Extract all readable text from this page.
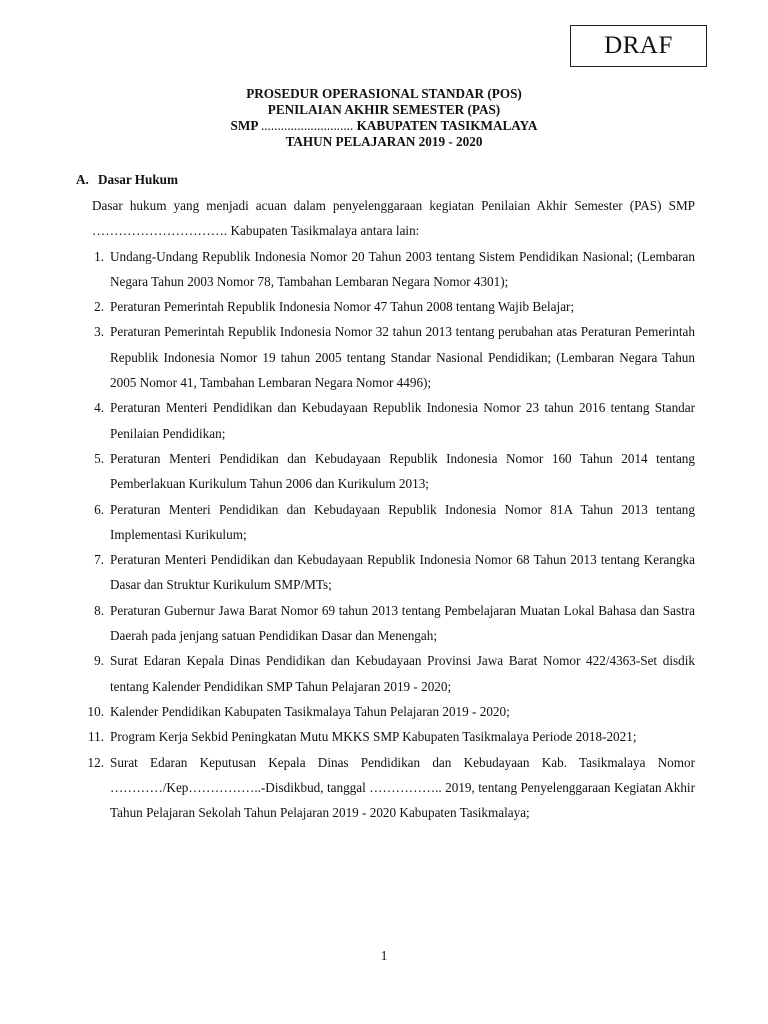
DRAF
PROSEDUR OPERASIONAL STANDAR (POS)
PENILAIAN AKHIR SEMESTER (PAS)
SMP ............................ KABUPATEN TASIKMALAYA
TAHUN PELAJARAN 2019 - 2020
A. Dasar Hukum

Dasar hukum yang menjadi acuan dalam penyelenggaraan kegiatan Penilaian Akhir Semester (PAS) SMP …………………………. Kabupaten Tasikmalaya antara lain:

1. Undang-Undang Republik Indonesia Nomor 20 Tahun 2003 tentang Sistem Pendidikan Nasional; (Lembaran Negara Tahun 2003 Nomor 78, Tambahan Lembaran Negara Nomor 4301);
2. Peraturan Pemerintah Republik Indonesia Nomor 47 Tahun 2008 tentang Wajib Belajar;
3. Peraturan Pemerintah Republik Indonesia Nomor 32 tahun 2013 tentang perubahan atas Peraturan Pemerintah Republik Indonesia Nomor 19 tahun 2005 tentang Standar Nasional Pendidikan; (Lembaran Negara Tahun 2005 Nomor 41, Tambahan Lembaran Negara Nomor 4496);
4. Peraturan Menteri Pendidikan dan Kebudayaan Republik Indonesia Nomor 23 tahun 2016 tentang Standar Penilaian Pendidikan;
5. Peraturan Menteri Pendidikan dan Kebudayaan Republik Indonesia Nomor 160 Tahun 2014 tentang Pemberlakuan Kurikulum Tahun 2006 dan Kurikulum 2013;
6. Peraturan Menteri Pendidikan dan Kebudayaan Republik Indonesia Nomor 81A Tahun 2013 tentang Implementasi Kurikulum;
7. Peraturan Menteri Pendidikan dan Kebudayaan Republik Indonesia Nomor 68 Tahun 2013 tentang Kerangka Dasar dan Struktur Kurikulum SMP/MTs;
8. Peraturan Gubernur Jawa Barat Nomor 69 tahun 2013 tentang Pembelajaran Muatan Lokal Bahasa dan Sastra Daerah pada jenjang satuan Pendidikan Dasar dan Menengah;
9. Surat Edaran Kepala Dinas Pendidikan dan Kebudayaan Provinsi Jawa Barat Nomor 422/4363-Set disdik tentang Kalender Pendidikan SMP Tahun Pelajaran 2019 - 2020;
10. Kalender Pendidikan Kabupaten Tasikmalaya Tahun Pelajaran 2019 - 2020;
11. Program Kerja Sekbid Peningkatan Mutu MKKS SMP Kabupaten Tasikmalaya Periode 2018-2021;
12. Surat Edaran Keputusan Kepala Dinas Pendidikan dan Kebudayaan Kab. Tasikmalaya Nomor …………/Kep……………..-Disdikbud, tanggal …………….. 2019, tentang Penyelenggaraan Kegiatan Akhir Tahun Pelajaran Sekolah Tahun Pelajaran 2019 - 2020 Kabupaten Tasikmalaya;
1
